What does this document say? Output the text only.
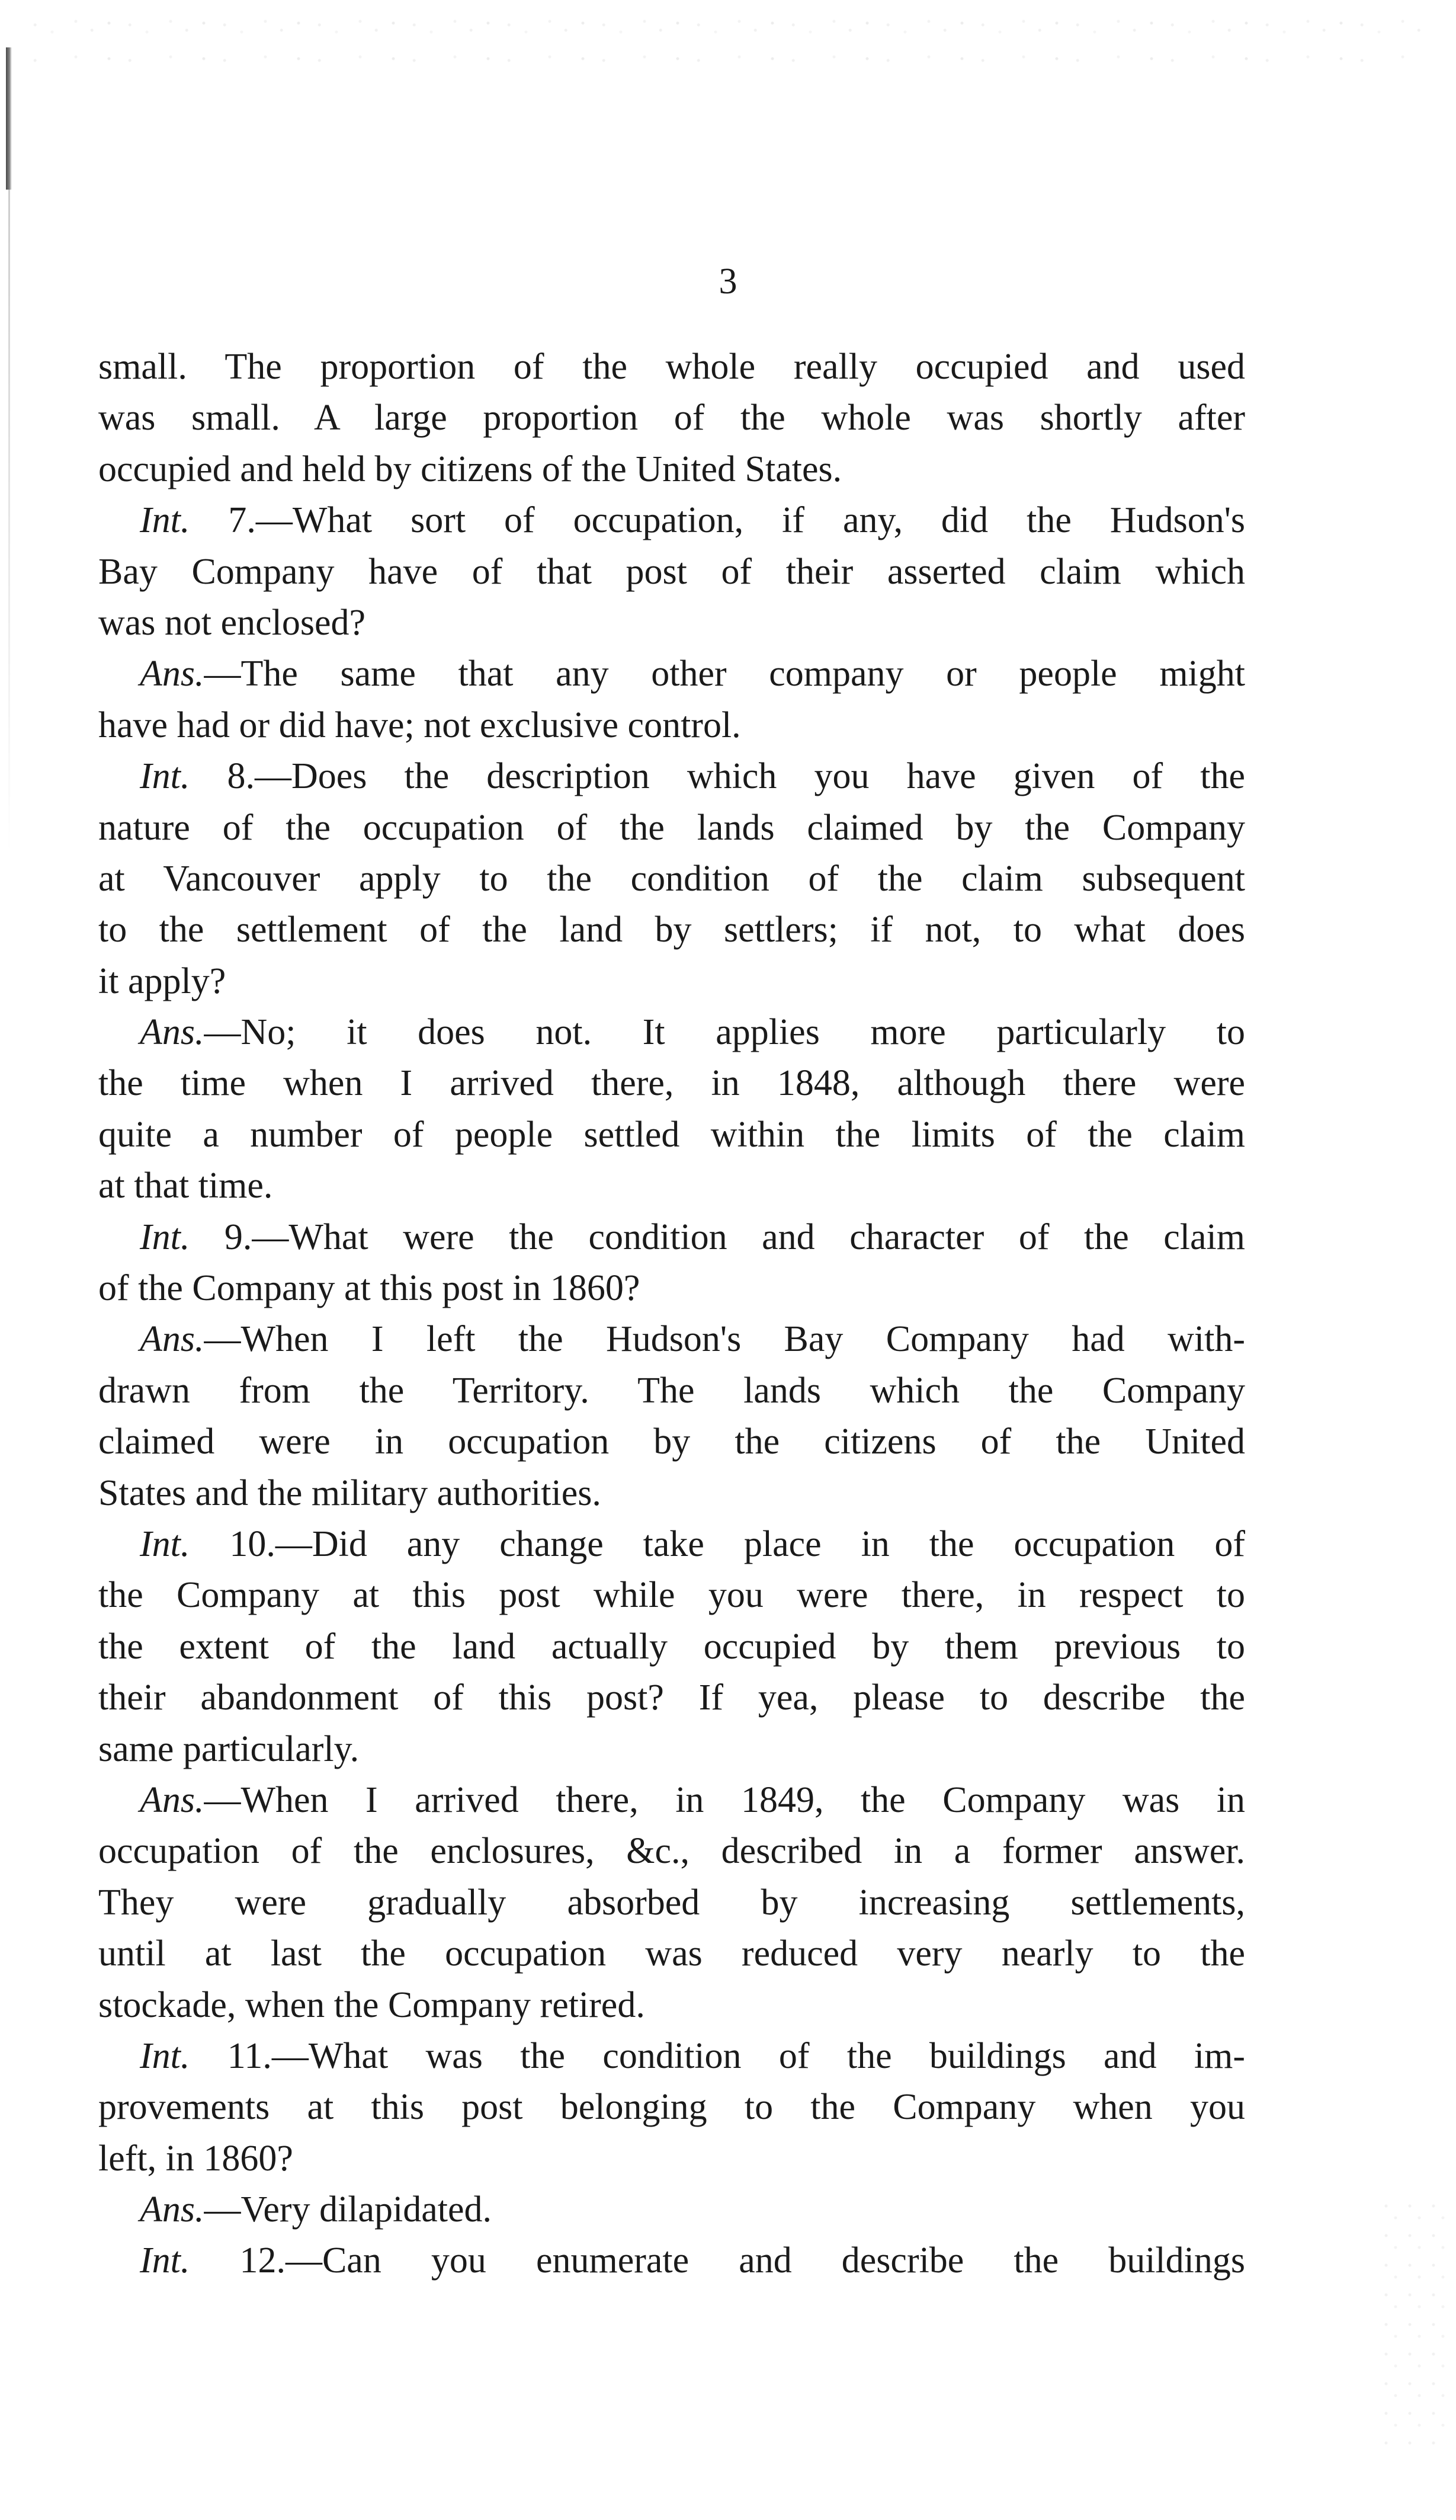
3
small. The proportion of the whole really occupied and used
was small. A large proportion of the whole was shortly after
occupied and held by citizens of the United States.
Int. 7.—What sort of occupation, if any, did the Hudson's
Bay Company have of that post of their asserted claim which
was not enclosed?
Ans.—The same that any other company or people might
have had or did have; not exclusive control.
Int. 8.—Does the description which you have given of the
nature of the occupation of the lands claimed by the Company
at Vancouver apply to the condition of the claim subsequent
to the settlement of the land by settlers; if not, to what does
it apply?
Ans.—No; it does not. It applies more particularly to
the time when I arrived there, in 1848, although there were
quite a number of people settled within the limits of the claim
at that time.
Int. 9.—What were the condition and character of the claim
of the Company at this post in 1860?
Ans.—When I left the Hudson's Bay Company had with-
drawn from the Territory. The lands which the Company
claimed were in occupation by the citizens of the United
States and the military authorities.
Int. 10.—Did any change take place in the occupation of
the Company at this post while you were there, in respect to
the extent of the land actually occupied by them previous to
their abandonment of this post? If yea, please to describe the
same particularly.
Ans.—When I arrived there, in 1849, the Company was in
occupation of the enclosures, &c., described in a former answer.
They were gradually absorbed by increasing settlements,
until at last the occupation was reduced very nearly to the
stockade, when the Company retired.
Int. 11.—What was the condition of the buildings and im-
provements at this post belonging to the Company when you
left, in 1860?
Ans.—Very dilapidated.
Int. 12.—Can you enumerate and describe the buildings
